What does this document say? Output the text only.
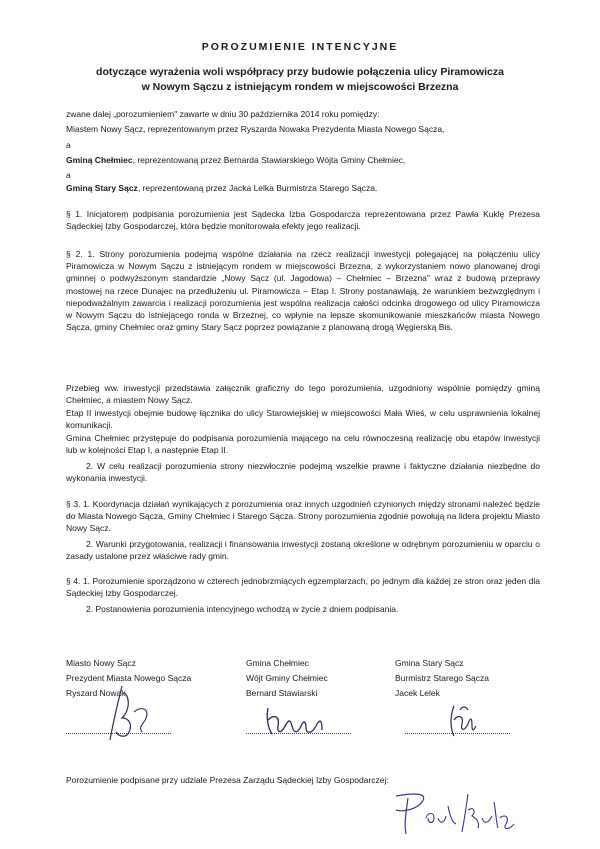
POROZUMIENIE INTENCYJNE
dotyczące wyrażenia woli współpracy przy budowie połączenia ulicy Piramowicza
w Nowym Sączu z istniejącym rondem w miejscowości Brzezna
zwane dalej „porozumieniem" zawarte w dniu 30 października 2014 roku pomiędzy:
Miastem Nowy Sącz, reprezentowanym przez Ryszarda Nowaka Prezydenta Miasta Nowego Sącza,
a
Gminą Chełmiec, reprezentowaną przez Bernarda Stawiarskiego Wójta Gminy Chełmiec,
a
Gminą Stary Sącz, reprezentowaną przez Jacka Lelka Burmistrza Starego Sącza.
§ 1. Inicjatorem podpisania porozumienia jest Sądecka Izba Gospodarcza reprezentowana przez Pawła Kuklę Prezesa Sądeckiej Izby Gospodarczej, która będzie monitorowała efekty jego realizacji.
§ 2. 1. Strony porozumienia podejmą wspólne działania na rzecz realizacji inwestycji polegającej na połączeniu ulicy Piramowicza w Nowym Sączu z istniejącym rondem w miejscowości Brzezna, z wykorzystaniem nowo planowanej drogi gminnej o podwyższonym standardzie „Nowy Sącz (ul. Jagodowa) – Chełmiec – Brzezna" wraz z budową przeprawy mostowej na rzece Dunajec na przedłużeniu ul. Piramowicza – Etap I. Strony postanawiają, że warunkiem bezwzględnym i niepodważalnym zawarcia i realizacji porozumienia jest wspólna realizacja całości odcinka drogowego od ulicy Piramowicza w Nowym Sączu do istniejącego ronda w Brzeznej, co wpłynie na lepsze skomunikowanie mieszkańców miasta Nowego Sącza, gminy Chełmiec oraz gminy Stary Sącz poprzez powiązanie z planowaną drogą Węgierską Bis.
Przebieg ww. inwestycji przedstawia załącznik graficzny do tego porozumienia, uzgodniony wspólnie pomiędzy gminą Chełmiec, a miastem Nowy Sącz.
Etap II inwestycji obejmie budowę łącznika do ulicy Starowiejskiej w miejscowości Mała Wieś, w celu usprawnienia lokalnej komunikacji.
Gmina Chełmiec przystępuje do podpisania porozumienia mającego na celu równoczesną realizację obu etapów inwestycji lub w kolejności Etap I, a następnie Etap II.
2. W celu realizacji porozumienia strony niezwłocznie podejmą wszelkie prawne i faktyczne działania niezbędne do wykonania inwestycji.
§ 3. 1. Koordynacja działań wynikających z porozumienia oraz innych uzgodnień czynionych między stronami należeć będzie do Miasta Nowego Sącza, Gminy Chełmiec i Starego Sącza. Strony porozumienia zgodnie powołują na lidera projektu Miasto Nowy Sącz.
2. Warunki przygotowania, realizacji i finansowania inwestycji zostaną określone w odrębnym porozumieniu w oparciu o zasady ustalone przez właściwe rady gmin.
§ 4. 1. Porozumienie sporządzono w czterech jednobrzmiących egzemplarzach, po jednym dla każdej ze stron oraz jeden dla Sądeckiej Izby Gospodarczej.
2. Postanowienia porozumienia intencyjnego wchodzą w życie z dniem podpisania.
Miasto Nowy Sącz
Prezydent Miasta Nowego Sącza
Ryszard Nowak
Gmina Chełmiec
Wójt Gminy Chełmiec
Bernard Stawiarski
Gmina Stary Sącz
Burmistrz Starego Sącza
Jacek Lelek
Porozumienie podpisane przy udziale Prezesa Zarządu Sądeckiej Izby Gospodarczej:
